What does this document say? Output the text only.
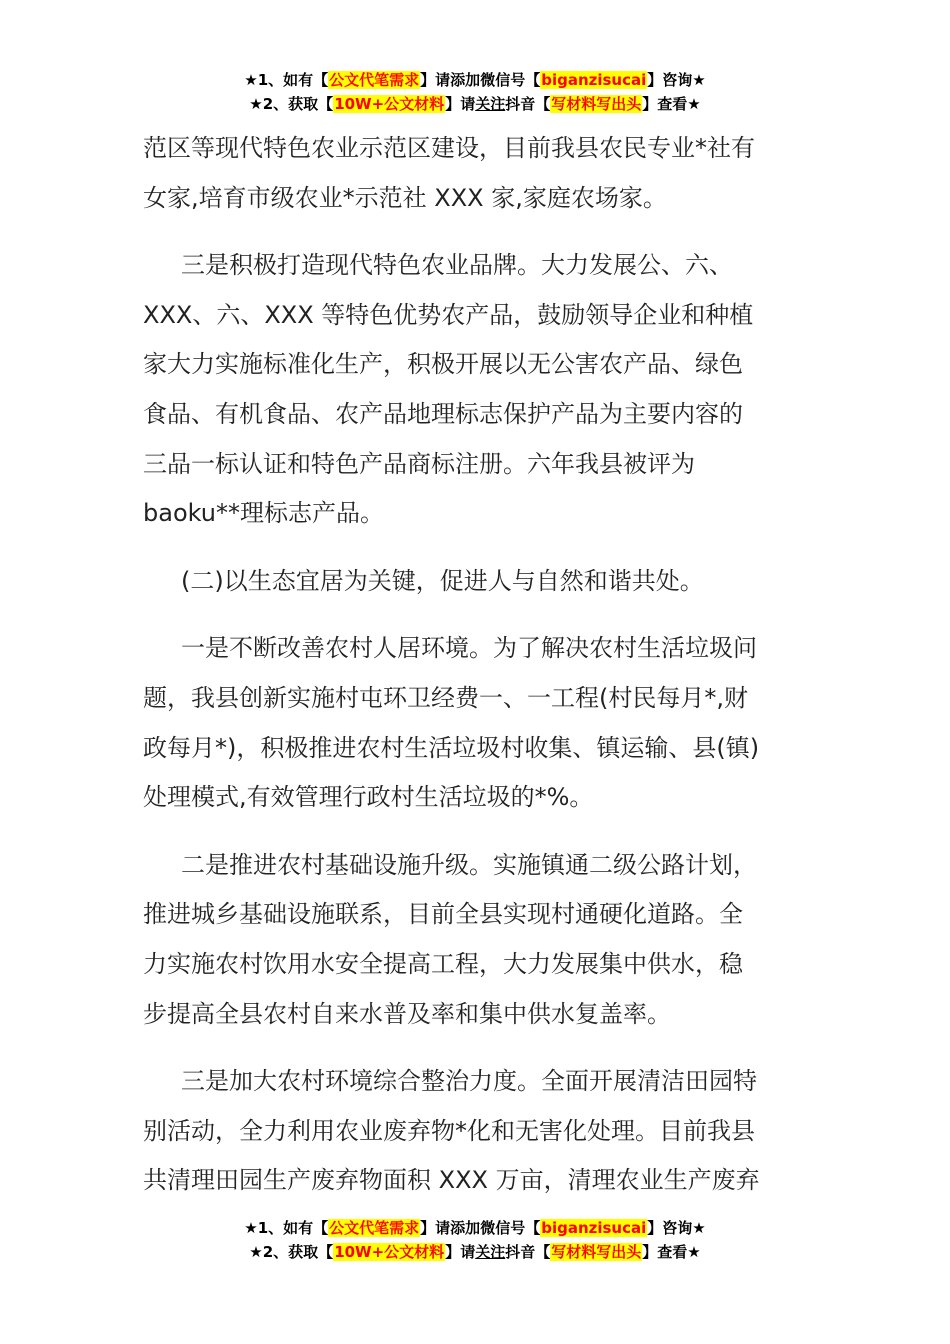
★1、如有【公文代笔需求】请添加微信号【biganzisucai】咨询★
★2、获取【10W+公文材料】请关注抖音【写材料写出头】查看★

范区等现代特色农业示范区建设，目前我县农民专业*社有
女家,培育市级农业*示范社 XXX 家,家庭农场家。

三是积极打造现代特色农业品牌。大力发展公、六、
XXX、六、XXX 等特色优势农产品，鼓励领导企业和种植
家大力实施标准化生产，积极开展以无公害农产品、绿色
食品、有机食品、农产品地理标志保护产品为主要内容的
三品一标认证和特色产品商标注册。六年我县被评为
baoku**理标志产品。

(二)以生态宜居为关键，促进人与自然和谐共处。

一是不断改善农村人居环境。为了解决农村生活垃圾问
题，我县创新实施村屯环卫经费一、一工程(村民每月*,财
政每月*)，积极推进农村生活垃圾村收集、镇运输、县(镇)
处理模式,有效管理行政村生活垃圾的*%。

二是推进农村基础设施升级。实施镇通二级公路计划，
推进城乡基础设施联系，目前全县实现村通硬化道路。全
力实施农村饮用水安全提高工程，大力发展集中供水，稳
步提高全县农村自来水普及率和集中供水复盖率。

三是加大农村环境综合整治力度。全面开展清洁田园特
别活动，全力利用农业废弃物*化和无害化处理。目前我县
共清理田园生产废弃物面积 XXX 万亩，清理农业生产废弃

★1、如有【公文代笔需求】请添加微信号【biganzisucai】咨询★
★2、获取【10W+公文材料】请关注抖音【写材料写出头】查看★
